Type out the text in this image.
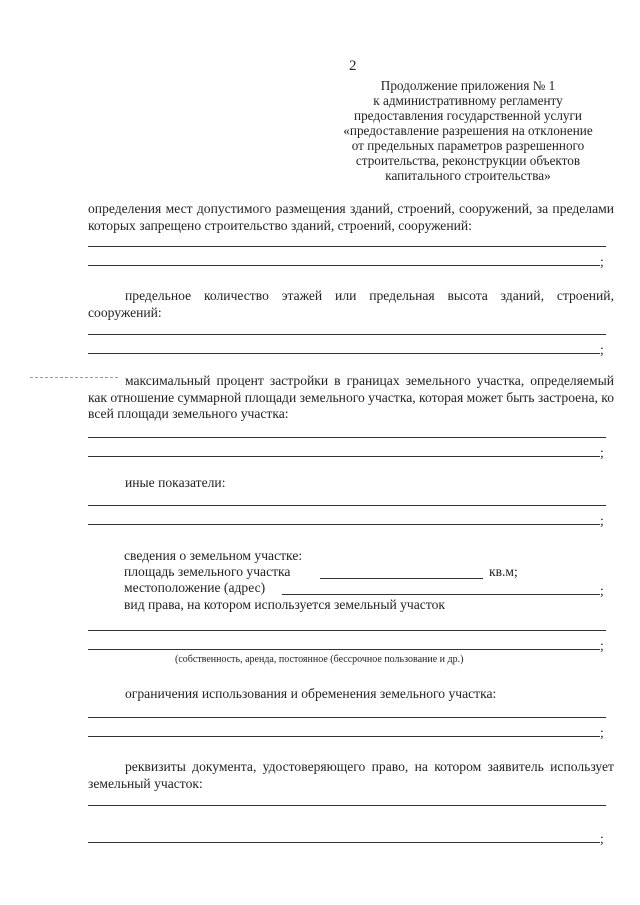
2
Продолжение приложения № 1
к административному регламенту
предоставления государственной услуги
«предоставление разрешения на отклонение
от предельных параметров разрешенного
строительства, реконструкции объектов
капитального строительства»
определения мест допустимого размещения зданий, строений, сооружений, за пределами которых запрещено строительство зданий, строений, сооружений:
;
предельное количество этажей или предельная высота зданий, строений, сооружений:
;
максимальный процент застройки в границах земельного участка, определяемый как отношение суммарной площади земельного участка, которая может быть застроена, ко всей площади земельного участка:
;
иные показатели:
;
сведения о земельном участке:
площадь земельного участка	кв.м;
местоположение (адрес)	;
вид права, на котором используется земельный участок
;
(собственность, аренда, постоянное (бессрочное пользование и др.)
ограничения использования и обременения земельного участка:
;
реквизиты документа, удостоверяющего право, на котором заявитель использует земельный участок:
;
